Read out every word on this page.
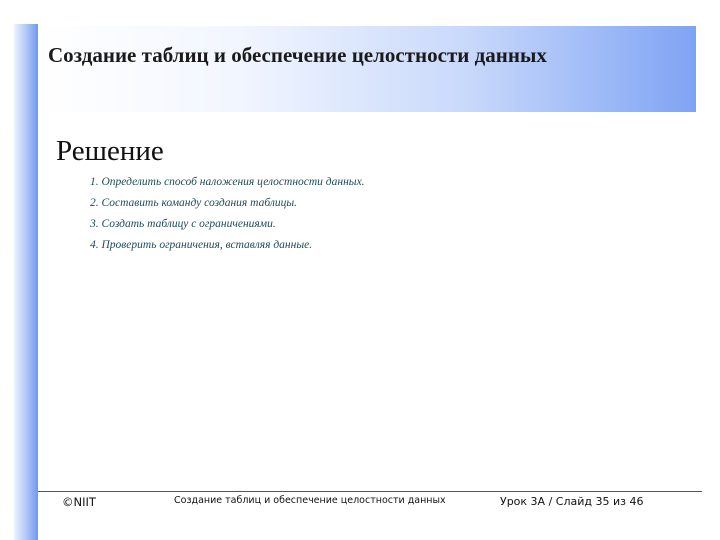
Создание таблиц и обеспечение целостности данных
Решение
1. Определить способ наложения целостности данных.
2. Составить команду создания таблицы.
3. Создать таблицу с ограничениями.
4. Проверить ограничения, вставляя данные.
©NIIT	Создание таблиц и обеспечение целостности данных	Урок 3А / Слайд 35 из 46
